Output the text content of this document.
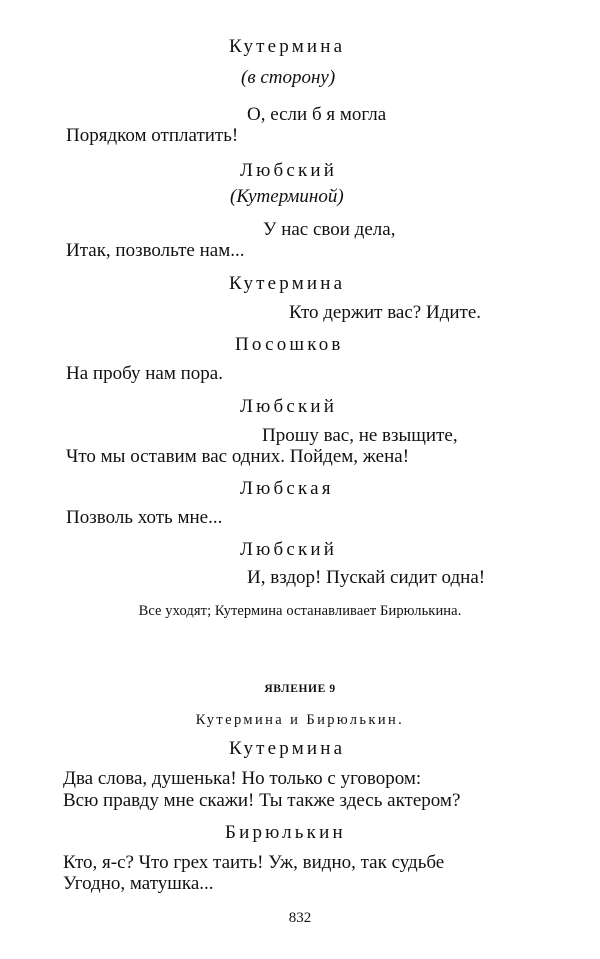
Кутермина
(в сторону)
О, если б я могла
Порядком отплатить!
Любский
(Кутерминой)
У нас свои дела,
Итак, позвольте нам...
Кутермина
Кто держит вас? Идите.
Посошков
На пробу нам пора.
Любский
Прошу вас, не взыщите,
Что мы оставим вас одних. Пойдем, жена!
Любская
Позволь хоть мне...
Любский
И, вздор! Пускай сидит одна!
Все уходят; Кутермина останавливает Бирюлькина.
ЯВЛЕНИЕ 9
Кутермина и Бирюлькин.
Кутермина
Два слова, душенька! Но только с уговором:
Всю правду мне скажи! Ты также здесь актером?
Бирюлькин
Кто, я-с? Что грех таить! Уж, видно, так судьбе
Угодно, матушка...
832
